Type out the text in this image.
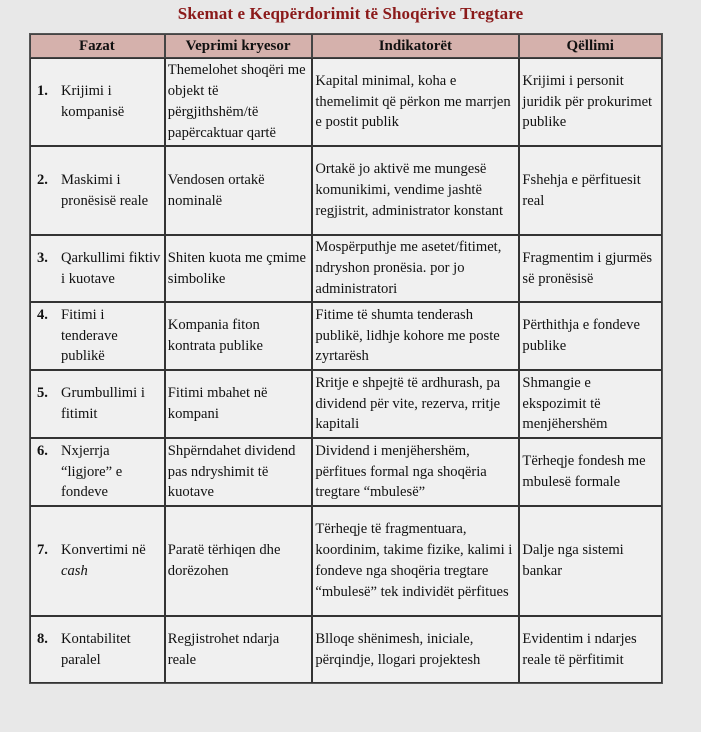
Skemat e Keqpërdorimit të Shoqërive Tregtare
Fazat	Veprimi kryesor	Indikatorët	Qëllimi

1. Krijimi i kompanisë	Themelohet shoqëri me objekt të përgjithshëm/të papërcaktuar qartë	Kapital minimal, koha e themelimit që përkon me marrjen e postit publik	Krijimi i personit juridik për prokurimet publike

2. Maskimi i pronësisë reale	Vendosen ortakë nominalë	Ortakë jo aktivë me mungesë komunikimi, vendime jashtë regjistrit, administrator konstant	Fshehja e përfituesit real

3. Qarkullimi fiktiv i kuotave	Shiten kuota me çmime simbolike	Mospërputhje me asetet/fitimet, ndryshon pronësia. por jo administratori	Fragmentim i gjurmës së pronësisë

4. Fitimi i tenderave publikë	Kompania fiton kontrata publike	Fitime të shumta tenderash publikë, lidhje kohore me poste zyrtarësh	Përthithja e fondeve publike

5. Grumbullimi i fitimit	Fitimi mbahet në kompani	Rritje e shpejtë të ardhurash, pa dividend për vite, rezerva, rritje kapitali	Shmangie e ekspozimit të menjëhershëm

6. Nxjerrja “ligjore” e fondeve	Shpërndahet dividend pas ndryshimit të kuotave	Dividend i menjëhershëm, përfitues formal nga shoqëria tregtare “mbulesë”	Tërheqje fondesh me mbulesë formale

7. Konvertimi në cash	Paratë tërhiqen dhe dorëzohen	Tërheqje të fragmentuara, koordinim, takime fizike, kalimi i fondeve nga shoqëria tregtare “mbulesë” tek individët përfitues	Dalje nga sistemi bankar

8. Kontabilitet paralel	Regjistrohet ndarja reale	Blloqe shënimesh, iniciale, përqindje, llogari projektesh	Evidentim i ndarjes reale të përfitimit
